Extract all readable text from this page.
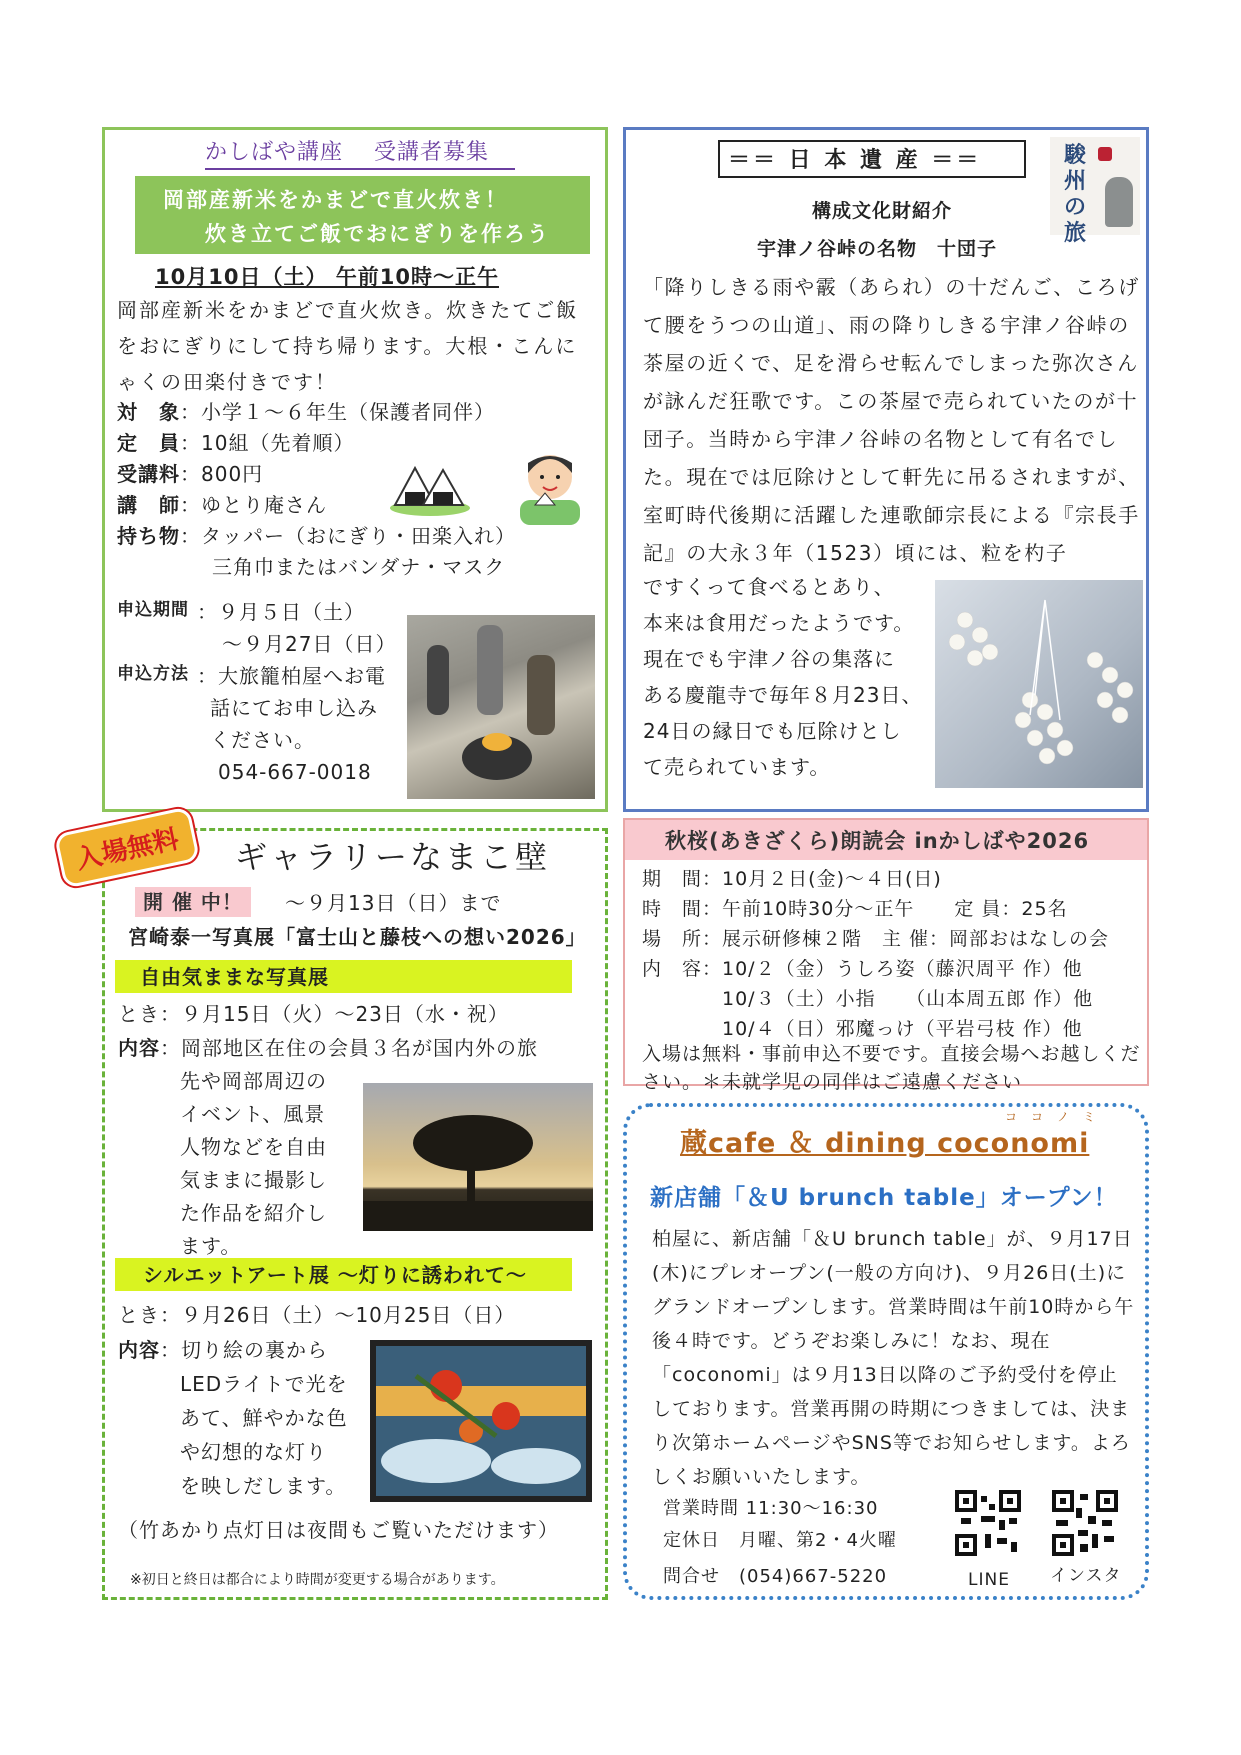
かしばや講座　 受講者募集
岡部産新米をかまどで直火炊き！
炊き立てご飯でおにぎりを作ろう
10月10日（土） 午前10時～正午
岡部産新米をかまどで直火炊き。炊きたてご飯をおにぎりにして持ち帰ります。大根・こんにゃくの田楽付きです！
対　象：小学１～６年生（保護者同伴）
定　員：10組（先着順）
受講料：800円
講　師：ゆとり庵さん
持ち物：タッパー（おにぎり・田楽入れ）
三角巾またはバンダナ・マスク
申込期間 ：９月５日（土）
～９月27日（日）
申込方法 ：大旅籠柏屋へお電
話にてお申し込み
ください。
054-667-0018
＝＝ 日 本 遺 産 ＝＝	駿州の旅
構成文化財紹介
宇津ノ谷峠の名物　十団子
「降りしきる雨や霰（あられ）の十だんご、ころげて腰をうつの山道」、雨の降りしきる宇津ノ谷峠の茶屋の近くで、足を滑らせ転んでしまった弥次さんが詠んだ狂歌です。この茶屋で売られていたのが十団子。当時から宇津ノ谷峠の名物として有名でした。現在では厄除けとして軒先に吊るされますが、室町時代後期に活躍した連歌師宗長による『宗長手記』の大永３年（1523）頃には、粒を杓子
ですくって食べるとあり、
本来は食用だったようです。
現在でも宇津ノ谷の集落に
ある慶龍寺で毎年８月23日、
24日の縁日でも厄除けとし
て売られています。
入場無料	ギャラリーなまこ壁
開 催 中！	～９月13日（日）まで
宮崎泰一写真展「富士山と藤枝への想い2026」
自由気ままな写真展
とき：９月15日（火）～23日（水・祝）
内容 ：岡部地区在住の会員３名が国内外の旅
先や岡部周辺の
イベント、風景
人物などを自由
気ままに撮影し
た作品を紹介し
ます。
シルエットアート展 ～灯りに誘われて～
とき：９月26日（土）～10月25日（日）
内容 ：切り絵の裏から
LEDライトで光を
あて、鮮やかな色
や幻想的な灯り
を映しだします。
（竹あかり点灯日は夜間もご覧いただけます）
※初日と終日は都合により時間が変更する場合があります。
秋桜(あきざくら)朗読会 inかしばや2026
期　間：10月２日(金)～４日(日)
時　間：午前10時30分～正午　　定 員：25名
場　所：展示研修棟２階　主 催：岡部おはなしの会
内　容：10/２（金）うしろ姿（藤沢周平 作）他
　　　　10/３（土）小指　　（山本周五郎 作）他
　　　　10/４（日）邪魔っけ（平岩弓枝 作）他
入場は無料・事前申込不要です。直接会場へお越しください。＊未就学児の同伴はご遠慮ください
ココノミ
蔵cafe ＆ dining coconomi
新店舗「＆U brunch table」オープン！
柏屋に、新店舗「＆U brunch table」が、９月17日(木)にプレオープン(一般の方向け)、９月26日(土)にグランドオープンします。営業時間は午前10時から午後４時です。どうぞお楽しみに！なお、現在「coconomi」は９月13日以降のご予約受付を停止しております。営業再開の時期につきましては、決まり次第ホームページやSNS等でお知らせします。よろしくお願いいたします。
営業時間 11:30～16:30
定休日　月曜、第2・4火曜
問合せ　(054)667-5220	LINE インスタ
